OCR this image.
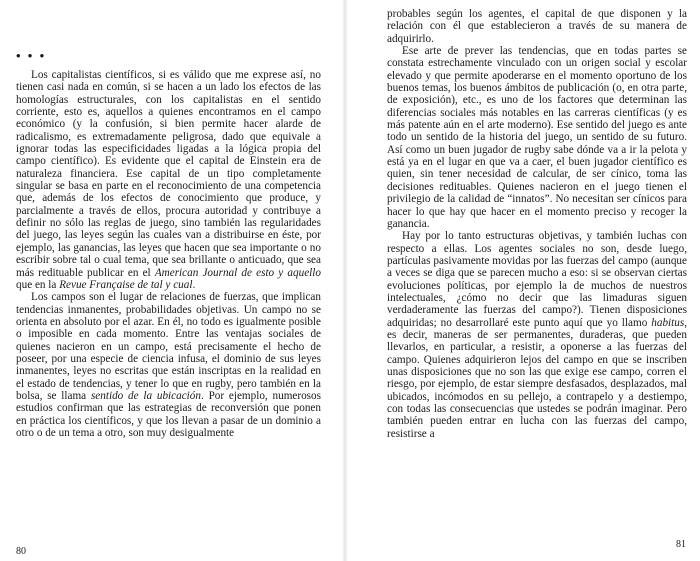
• • •

Los capitalistas científicos, si es válido que me exprese así, no tienen casi nada en común, si se hacen a un lado los efectos de las homologías estructurales, con los capitalistas en el sentido corriente, esto es, aquellos a quienes encontramos en el campo económico (y la confusión, si bien permite hacer alarde de radicalismo, es extremadamente peligrosa, dado que equivale a ignorar todas las especificidades ligadas a la lógica propia del campo científico). Es evidente que el capital de Einstein era de naturaleza financiera. Ese capital de un tipo completamente singular se basa en parte en el reconocimiento de una competencia que, además de los efectos de conocimiento que produce, y parcialmente a través de ellos, procura autoridad y contribuye a definir no sólo las reglas de juego, sino también las regularidades del juego, las leyes según las cuales van a distribuirse en éste, por ejemplo, las ganancias, las leyes que hacen que sea importante o no escribir sobre tal o cual tema, que sea brillante o anticuado, que sea más redituable publicar en el American Journal de esto y aquello que en la Revue Française de tal y cual.

Los campos son el lugar de relaciones de fuerzas, que implican tendencias inmanentes, probabilidades objetivas. Un campo no se orienta en absoluto por el azar. En él, no todo es igualmente posible o imposible en cada momento. Entre las ventajas sociales de quienes nacieron en un campo, está precisamente el hecho de poseer, por una especie de ciencia infusa, el dominio de sus leyes inmanentes, leyes no escritas que están inscriptas en la realidad en el estado de tendencias, y tener lo que en rugby, pero también en la bolsa, se llama sentido de la ubicación. Por ejemplo, numerosos estudios confirman que las estrategias de reconversión que ponen en práctica los científicos, y que los llevan a pasar de un dominio a otro o de un tema a otro, son muy desigualmente

80

probables según los agentes, el capital de que disponen y la relación con él que establecieron a través de su manera de adquirirlo.

Ese arte de prever las tendencias, que en todas partes se constata estrechamente vinculado con un origen social y escolar elevado y que permite apoderarse en el momento oportuno de los buenos temas, los buenos ámbitos de publicación (o, en otra parte, de exposición), etc., es uno de los factores que determinan las diferencias sociales más notables en las carreras científicas (y es más patente aún en el arte moderno). Ese sentido del juego es ante todo un sentido de la historia del juego, un sentido de su futuro. Así como un buen jugador de rugby sabe dónde va a ir la pelota y está ya en el lugar en que va a caer, el buen jugador científico es quien, sin tener necesidad de calcular, de ser cínico, toma las decisiones redituables. Quienes nacieron en el juego tienen el privilegio de la calidad de “innatos”. No necesitan ser cínicos para hacer lo que hay que hacer en el momento preciso y recoger la ganancia.

Hay por lo tanto estructuras objetivas, y también luchas con respecto a ellas. Los agentes sociales no son, desde luego, partículas pasivamente movidas por las fuerzas del campo (aunque a veces se diga que se parecen mucho a eso: si se observan ciertas evoluciones políticas, por ejemplo la de muchos de nuestros intelectuales, ¿cómo no decir que las limaduras siguen verdaderamente las fuerzas del campo?). Tienen disposiciones adquiridas; no desarrollaré este punto aquí que yo llamo habitus, es decir, maneras de ser permanentes, duraderas, que pueden llevarlos, en particular, a resistir, a oponerse a las fuerzas del campo. Quienes adquirieron lejos del campo en que se inscriben unas disposiciones que no son las que exige ese campo, corren el riesgo, por ejemplo, de estar siempre desfasados, desplazados, mal ubicados, incómodos en su pellejo, a contrapelo y a destiempo, con todas las consecuencias que ustedes se podrán imaginar. Pero también pueden entrar en lucha con las fuerzas del campo, resistirse a

81
